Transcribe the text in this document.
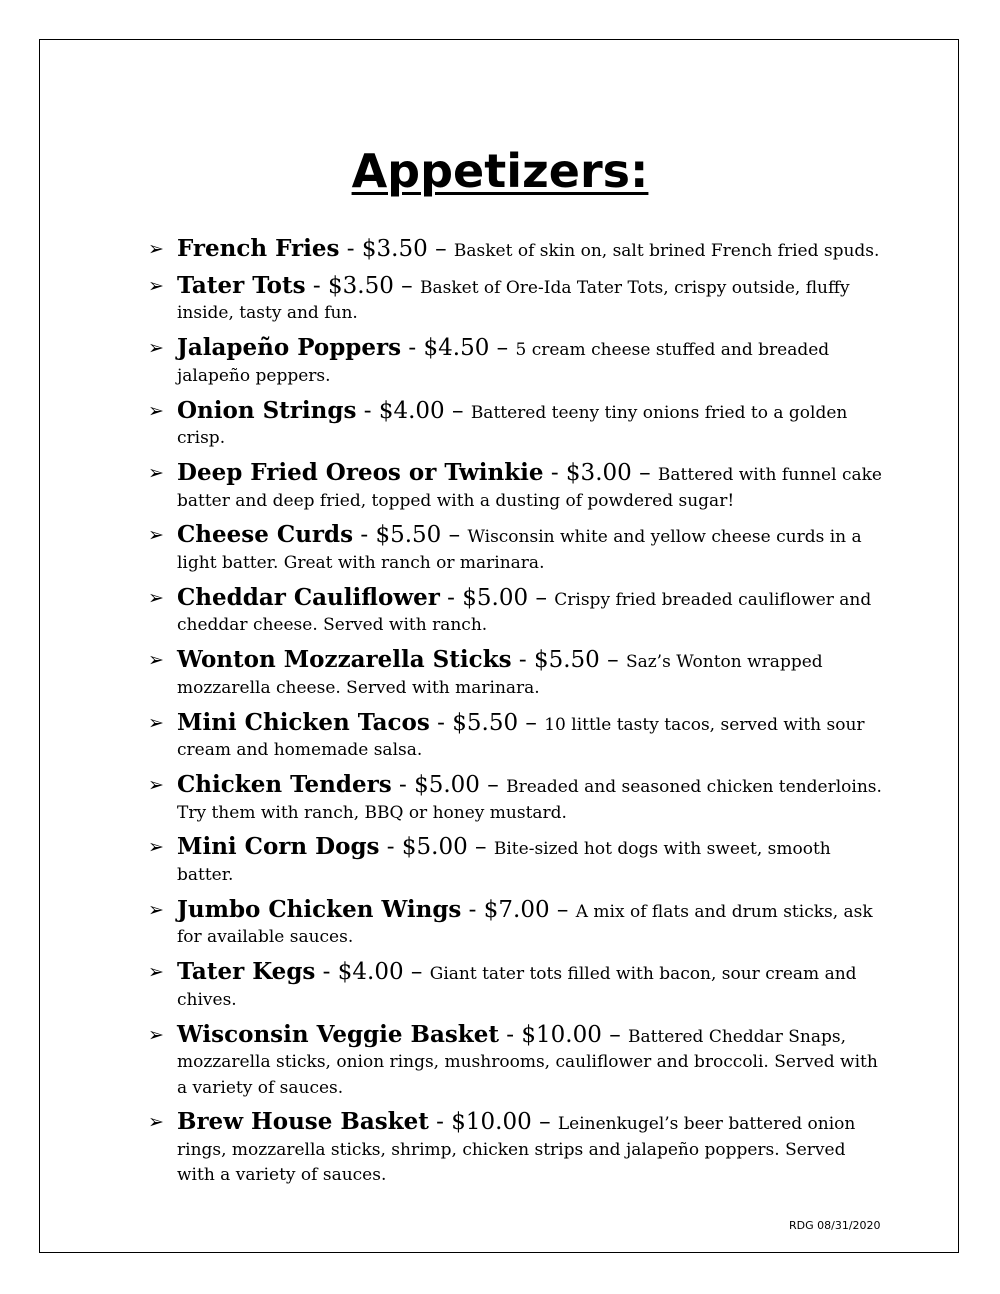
Appetizers:
➢ French Fries - $3.50 – Basket of skin on, salt brined French fried spuds.
➢ Tater Tots - $3.50 – Basket of Ore-Ida Tater Tots, crispy outside, fluffy inside, tasty and fun.
➢ Jalapeño Poppers - $4.50 – 5 cream cheese stuffed and breaded jalapeño peppers.
➢ Onion Strings - $4.00 – Battered teeny tiny onions fried to a golden crisp.
➢ Deep Fried Oreos or Twinkie - $3.00 – Battered with funnel cake batter and deep fried, topped with a dusting of powdered sugar!
➢ Cheese Curds - $5.50 – Wisconsin white and yellow cheese curds in a light batter. Great with ranch or marinara.
➢ Cheddar Cauliflower - $5.00 – Crispy fried breaded cauliflower and cheddar cheese. Served with ranch.
➢ Wonton Mozzarella Sticks - $5.50 – Saz’s Wonton wrapped mozzarella cheese. Served with marinara.
➢ Mini Chicken Tacos - $5.50 – 10 little tasty tacos, served with sour cream and homemade salsa.
➢ Chicken Tenders - $5.00 – Breaded and seasoned chicken tenderloins. Try them with ranch, BBQ or honey mustard.
➢ Mini Corn Dogs - $5.00 – Bite-sized hot dogs with sweet, smooth batter.
➢ Jumbo Chicken Wings - $7.00 – A mix of flats and drum sticks, ask for available sauces.
➢ Tater Kegs - $4.00 – Giant tater tots filled with bacon, sour cream and chives.
➢ Wisconsin Veggie Basket - $10.00 – Battered Cheddar Snaps, mozzarella sticks, onion rings, mushrooms, cauliflower and broccoli. Served with a variety of sauces.
➢ Brew House Basket - $10.00 – Leinenkugel’s beer battered onion rings, mozzarella sticks, shrimp, chicken strips and jalapeño poppers. Served with a variety of sauces.
RDG 08/31/2020
